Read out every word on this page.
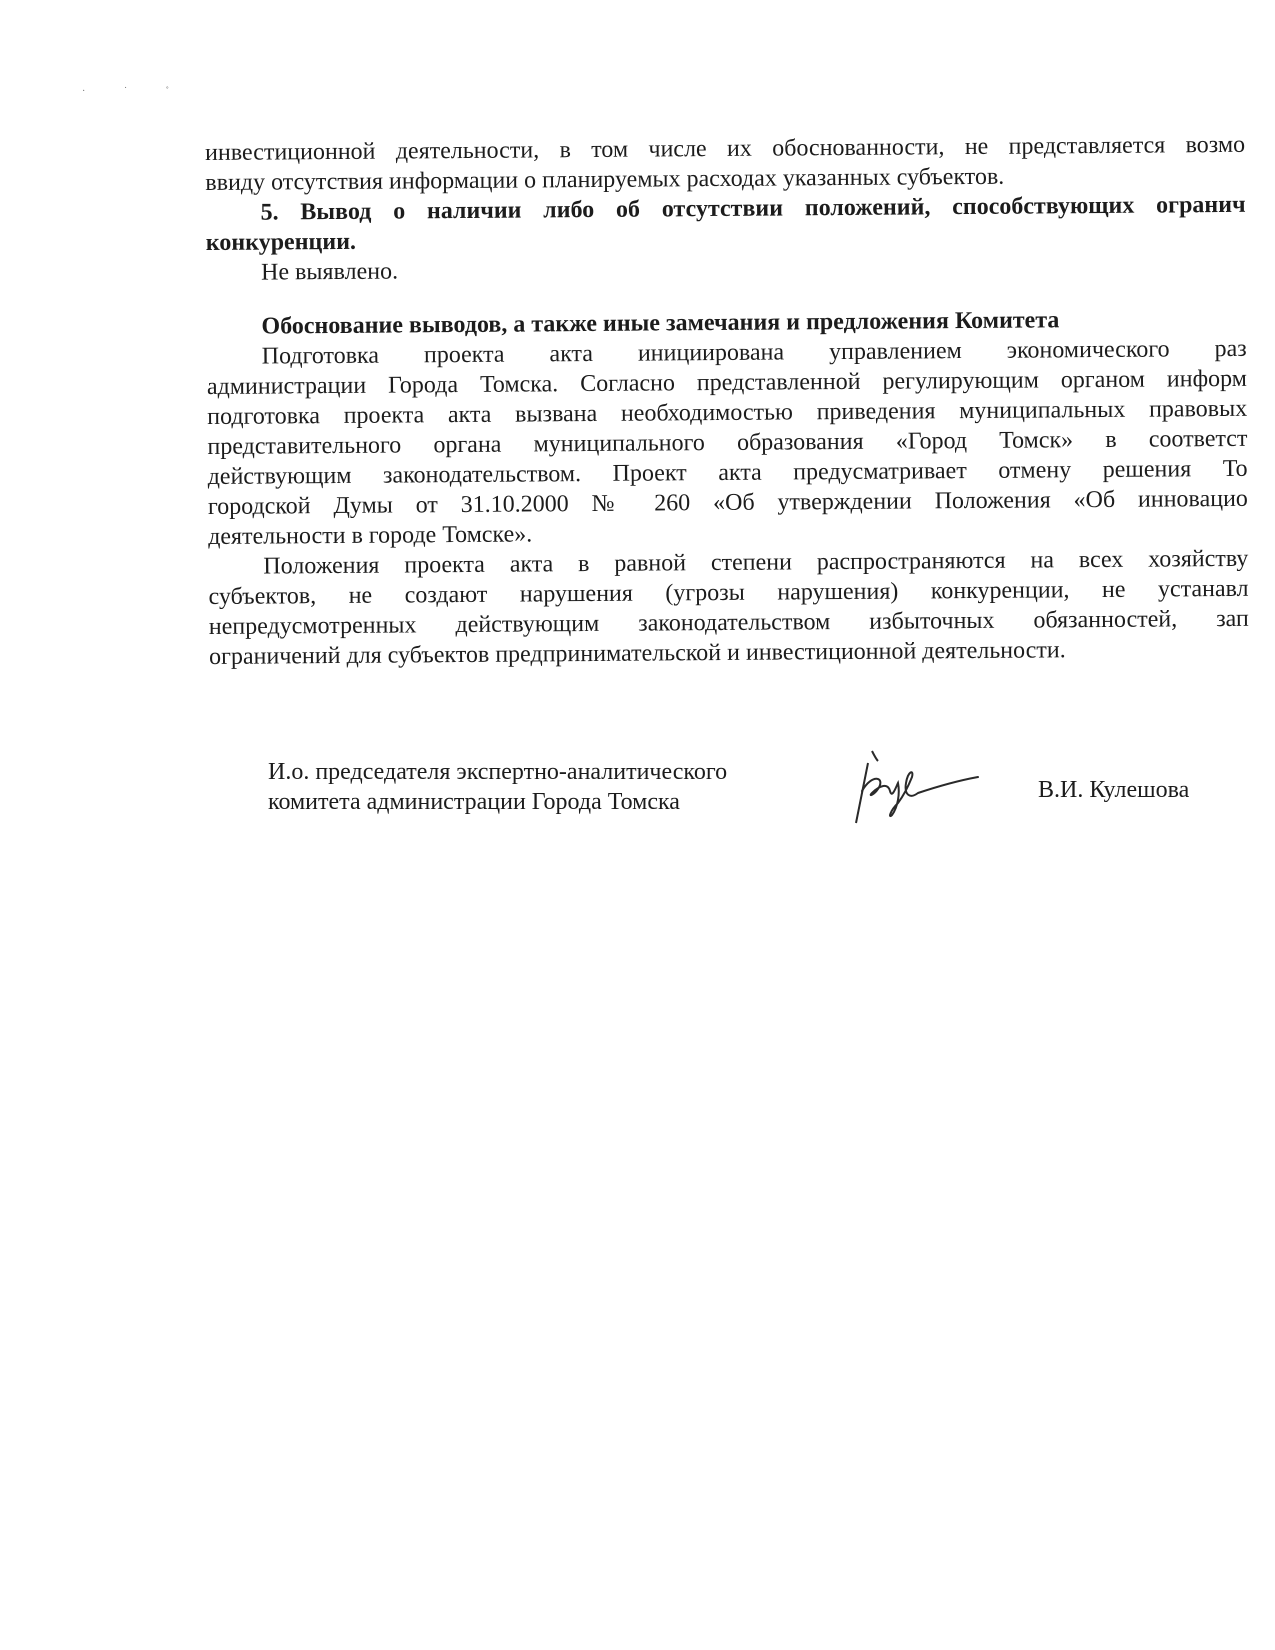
· ˙ ˚
инвестиционной деятельности, в том числе их обоснованности, не представляется возмо
ввиду отсутствия информации о планируемых расходах указанных субъектов.
5. Вывод о наличии либо об отсутствии положений, способствующих огранич
конкуренции.
Не выявлено.
Обоснование выводов, а также иные замечания и предложения Комитета
Подготовка проекта акта инициирована управлением экономического раз
администрации Города Томска. Согласно представленной регулирующим органом информ
подготовка проекта акта вызвана необходимостью приведения муниципальных правовых
представительного органа муниципального образования «Город Томск» в соответст
действующим законодательством. Проект акта предусматривает отмену решения То
городской Думы от 31.10.2000 № 260 «Об утверждении Положения «Об инновацио
деятельности в городе Томске».
Положения проекта акта в равной степени распространяются на всех хозяйству
субъектов, не создают нарушения (угрозы нарушения) конкуренции, не устанавл
непредусмотренных действующим законодательством избыточных обязанностей, зап
ограничений для субъектов предпринимательской и инвестиционной деятельности.
И.о. председателя экспертно-аналитического
комитета администрации Города Томска	В.И. Кулешова
